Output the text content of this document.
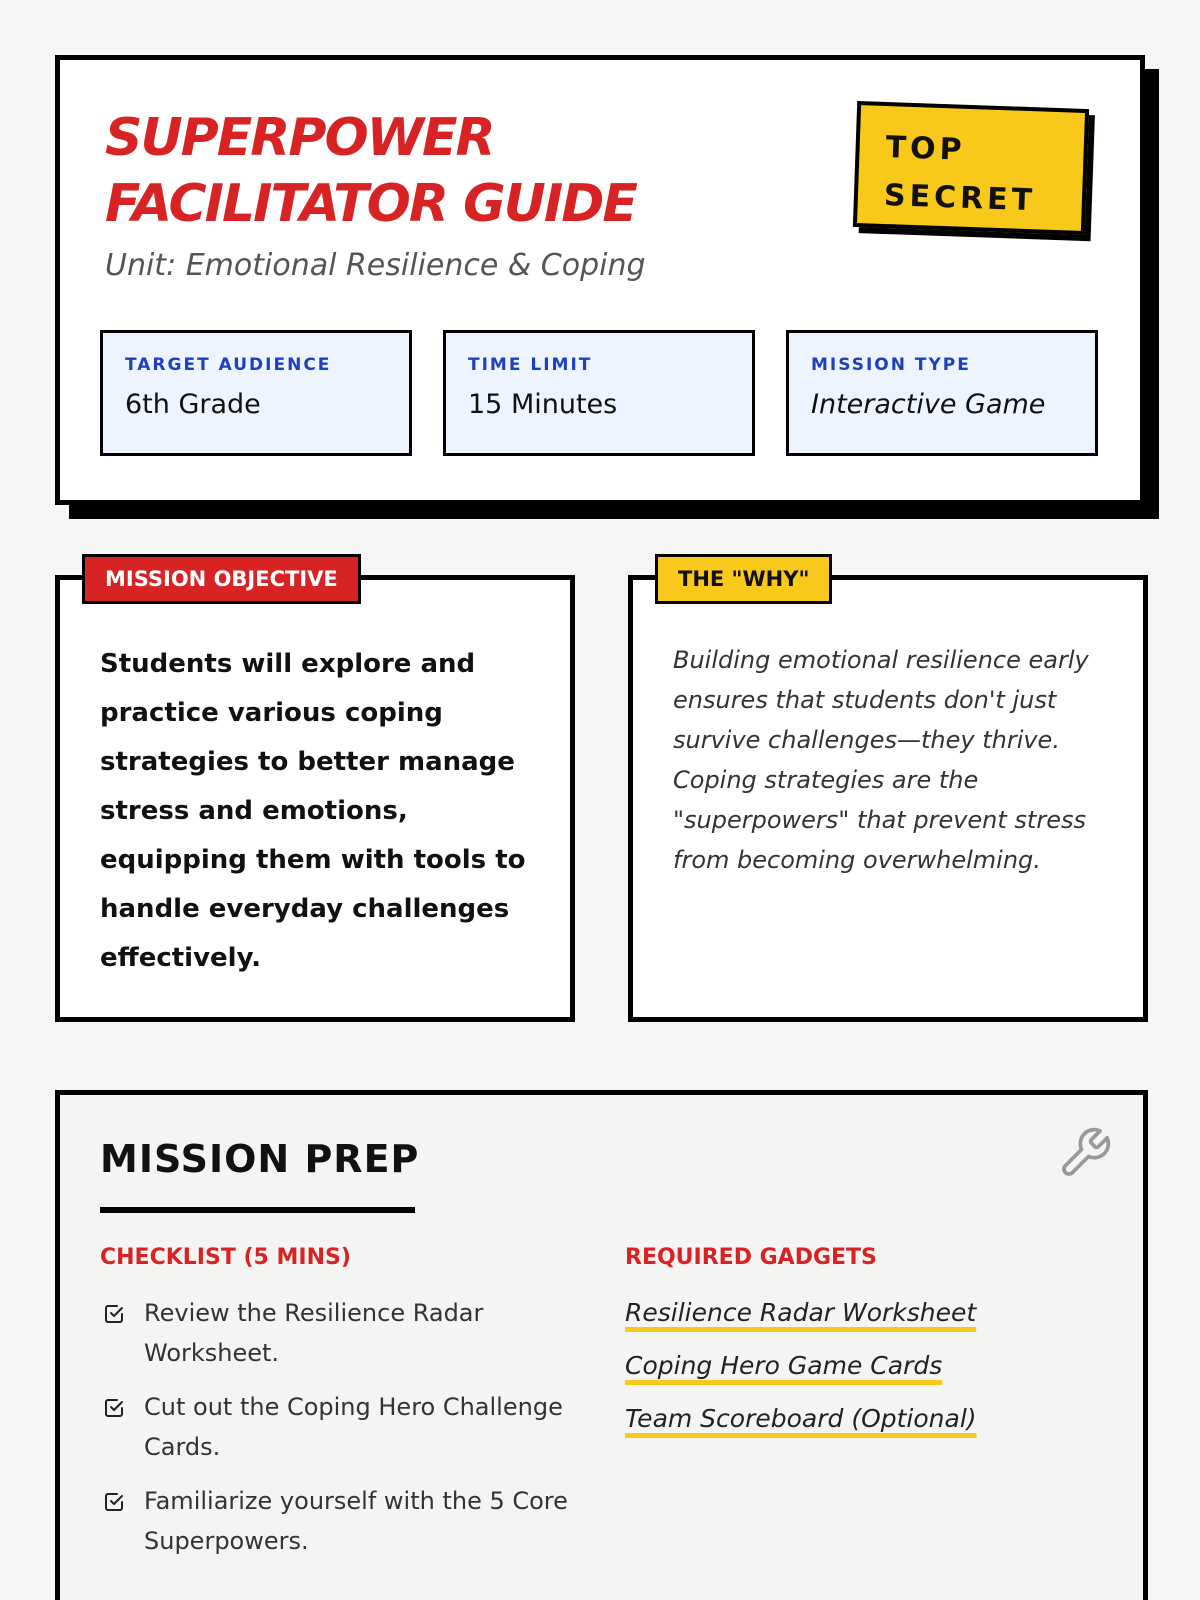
SUPERPOWER
FACILITATOR GUIDE
Unit: Emotional Resilience & Coping
TOP
SECRET
TARGET AUDIENCE
6th Grade
TIME LIMIT
15 Minutes
MISSION TYPE
Interactive Game
MISSION OBJECTIVE
Students will explore and practice various coping strategies to better manage stress and emotions, equipping them with tools to handle everyday challenges effectively.
THE "WHY"
Building emotional resilience early ensures that students don't just survive challenges—they thrive. Coping strategies are the "superpowers" that prevent stress from becoming overwhelming.
MISSION PREP
CHECKLIST (5 MINS)
Review the Resilience Radar Worksheet.
Cut out the Coping Hero Challenge Cards.
Familiarize yourself with the 5 Core Superpowers.
REQUIRED GADGETS
Resilience Radar Worksheet
Coping Hero Game Cards
Team Scoreboard (Optional)
